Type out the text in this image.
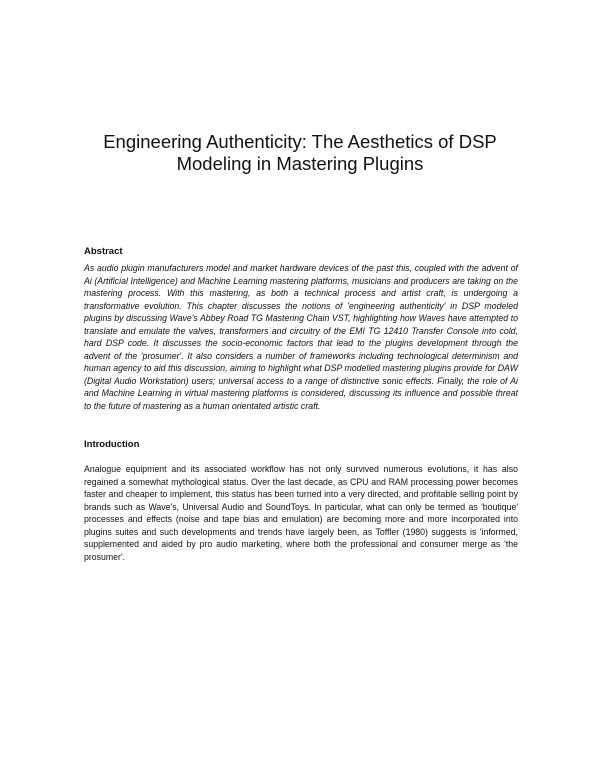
Engineering Authenticity: The Aesthetics of DSP
Modeling in Mastering Plugins
Abstract

As audio plugin manufacturers model and market hardware devices of the past this, coupled with the advent of Ai (Artificial Intelligence) and Machine Learning mastering platforms, musicians and producers are taking on the mastering process. With this mastering, as both a technical process and artist craft, is undergoing a transformative evolution. This chapter discusses the notions of 'engineering authenticity' in DSP modeled plugins by discussing Wave's Abbey Road TG Mastering Chain VST, highlighting how Waves have attempted to translate and emulate the valves, transformers and circuitry of the EMI TG 12410 Transfer Console into cold, hard DSP code. It discusses the socio-economic factors that lead to the plugins development through the advent of the 'prosumer'. It also considers a number of frameworks including technological determinism and human agency to aid this discussion, aiming to highlight what DSP modelled mastering plugins provide for DAW (Digital Audio Workstation) users; universal access to a range of distinctive sonic effects. Finally, the role of Ai and Machine Learning in virtual mastering platforms is considered, discussing its influence and possible threat to the future of mastering as a human orientated artistic craft.

Introduction

Analogue equipment and its associated workflow has not only survived numerous evolutions, it has also regained a somewhat mythological status. Over the last decade, as CPU and RAM processing power becomes faster and cheaper to implement, this status has been turned into a very directed, and profitable selling point by brands such as Wave's, Universal Audio and SoundToys. In particular, what can only be termed as 'boutique' processes and effects (noise and tape bias and emulation) are becoming more and more incorporated into plugins suites and such developments and trends have largely been, as Toffler (1980) suggests is 'informed, supplemented and aided by pro audio marketing, where both the professional and consumer merge as 'the prosumer'.
